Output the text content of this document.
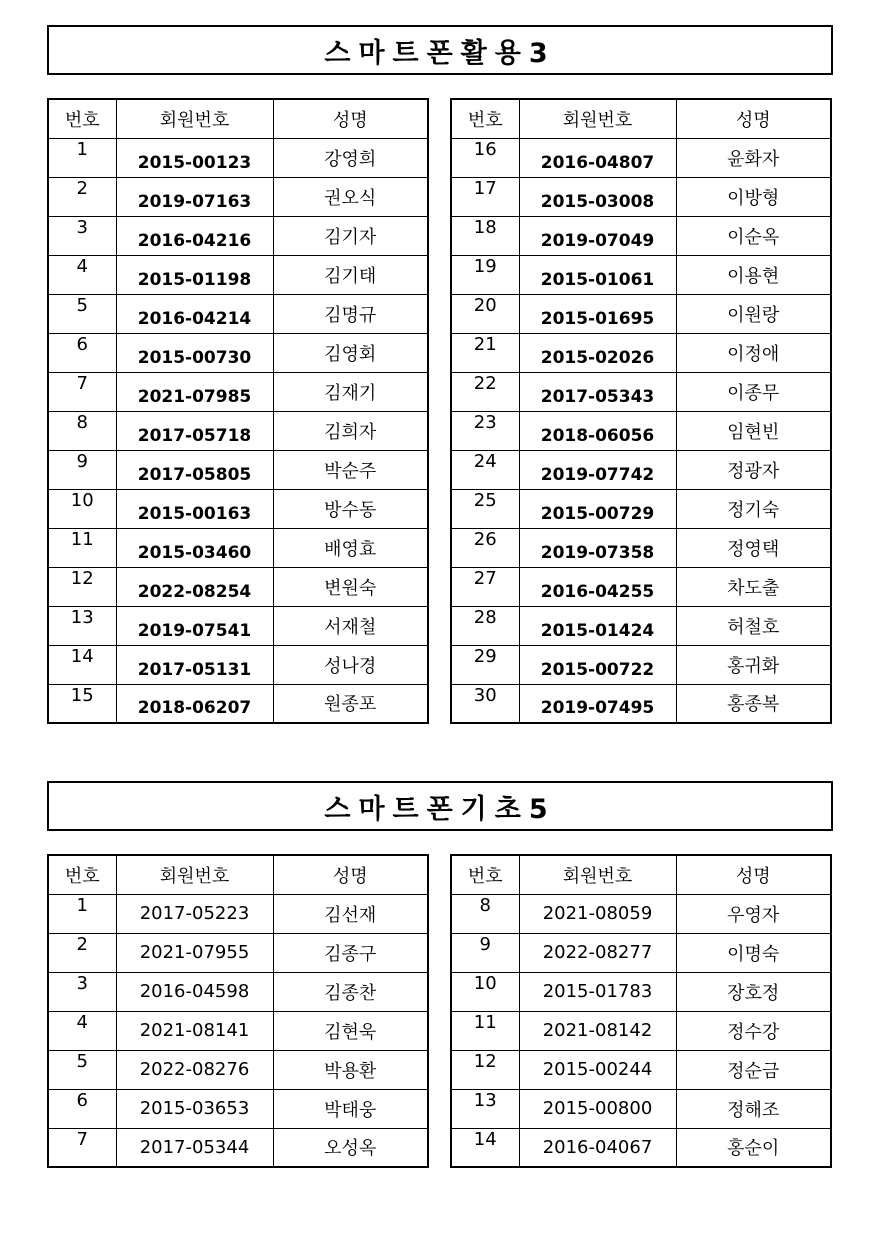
스마트폰활용3
번호	회원번호	성명
1	2015-00123	강영희
2	2019-07163	권오식
3	2016-04216	김기자
4	2015-01198	김기태
5	2016-04214	김명규
6	2015-00730	김영회
7	2021-07985	김재기
8	2017-05718	김희자
9	2017-05805	박순주
10	2015-00163	방수동
11	2015-03460	배영효
12	2022-08254	변원숙
13	2019-07541	서재철
14	2017-05131	성나경
15	2018-06207	원종포
번호	회원번호	성명
16	2016-04807	윤화자
17	2015-03008	이방형
18	2019-07049	이순옥
19	2015-01061	이용현
20	2015-01695	이원랑
21	2015-02026	이정애
22	2017-05343	이종무
23	2018-06056	임현빈
24	2019-07742	정광자
25	2015-00729	정기숙
26	2019-07358	정영택
27	2016-04255	차도출
28	2015-01424	허철호
29	2015-00722	홍귀화
30	2019-07495	홍종복
스마트폰기초5
번호	회원번호	성명
1	2017-05223	김선재
2	2021-07955	김종구
3	2016-04598	김종찬
4	2021-08141	김현욱
5	2022-08276	박용환
6	2015-03653	박태웅
7	2017-05344	오성옥
번호	회원번호	성명
8	2021-08059	우영자
9	2022-08277	이명숙
10	2015-01783	장호정
11	2021-08142	정수강
12	2015-00244	정순금
13	2015-00800	정해조
14	2016-04067	홍순이
